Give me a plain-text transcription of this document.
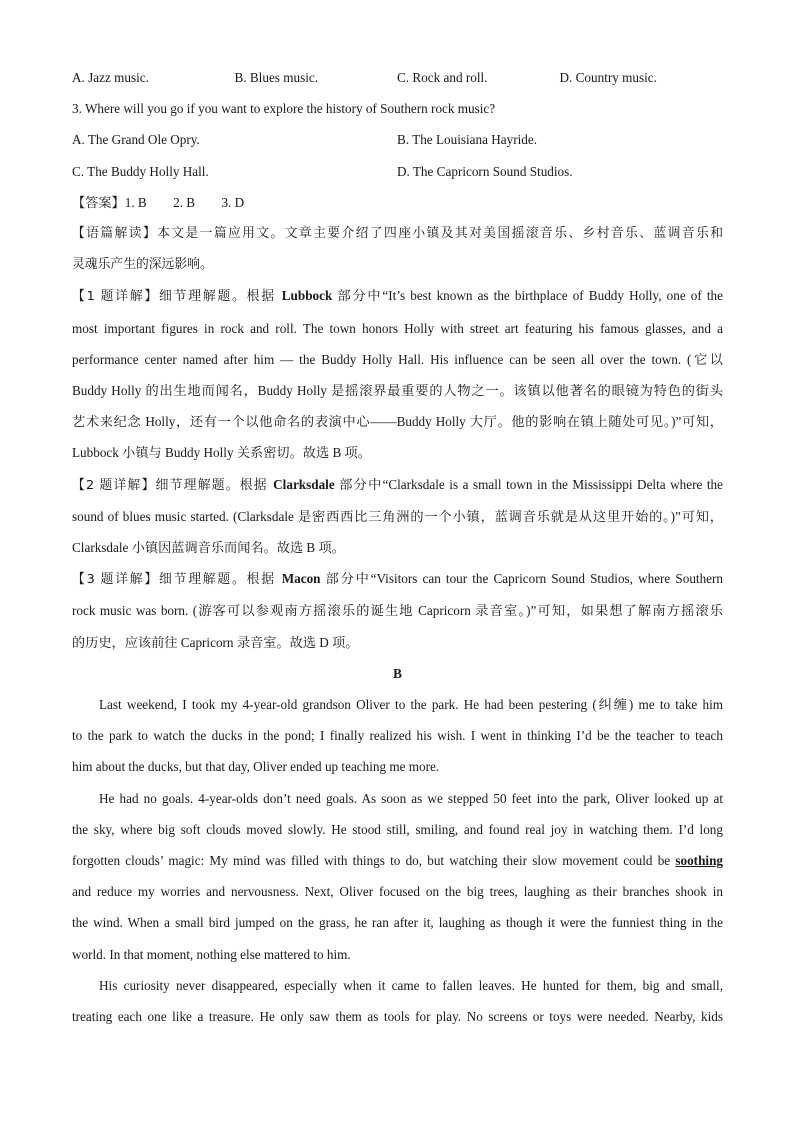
A. Jazz music.	B. Blues music.	C. Rock and roll.	D. Country music.
3. Where will you go if you want to explore the history of Southern rock music?
A. The Grand Ole Opry.	B. The Louisiana Hayride.
C. The Buddy Holly Hall.	D. The Capricorn Sound Studios.
【答案】1. B        2. B        3. D
【语篇解读】本文是一篇应用文。文章主要介绍了四座小镇及其对美国摇滚音乐、乡村音乐、蓝调音乐和
灵魂乐产生的深远影响。
【1 题详解】细节理解题。根据 Lubbock 部分中“It’s best known as the birthplace of Buddy Holly, one of the
most important figures in rock and roll. The town honors Holly with street art featuring his famous glasses, and a
performance center named after him — the Buddy Holly Hall. His influence can be seen all over the town. (它以
Buddy Holly 的出生地而闻名，Buddy Holly 是摇滚界最重要的人物之一。该镇以他著名的眼镜为特色的街头
艺术来纪念 Holly，还有一个以他命名的表演中心——Buddy Holly 大厅。他的影响在镇上随处可见。)”可知，
Lubbock 小镇与 Buddy Holly 关系密切。故选 B 项。
【2 题详解】细节理解题。根据 Clarksdale 部分中“Clarksdale is a small town in the Mississippi Delta where the
sound of blues music started. (Clarksdale 是密西西比三角洲的一个小镇，蓝调音乐就是从这里开始的。)”可知，
Clarksdale 小镇因蓝调音乐而闻名。故选 B 项。
【3 题详解】细节理解题。根据 Macon 部分中“Visitors can tour the Capricorn Sound Studios, where Southern
rock music was born. (游客可以参观南方摇滚乐的诞生地 Capricorn 录音室。)”可知，如果想了解南方摇滚乐
的历史，应该前往 Capricorn 录音室。故选 D 项。
B
Last weekend, I took my 4-year-old grandson Oliver to the park. He had been pestering (纠缠) me to take him
to the park to watch the ducks in the pond; I finally realized his wish. I went in thinking I’d be the teacher to teach
him about the ducks, but that day, Oliver ended up teaching me more.
He had no goals. 4-year-olds don’t need goals. As soon as we stepped 50 feet into the park, Oliver looked up at
the sky, where big soft clouds moved slowly. He stood still, smiling, and found real joy in watching them. I’d long
forgotten clouds’ magic: My mind was filled with things to do, but watching their slow movement could be soothing
and reduce my worries and nervousness. Next, Oliver focused on the big trees, laughing as their branches shook in
the wind. When a small bird jumped on the grass, he ran after it, laughing as though it were the funniest thing in the
world. In that moment, nothing else mattered to him.
His curiosity never disappeared, especially when it came to fallen leaves. He hunted for them, big and small,
treating each one like a treasure. He only saw them as tools for play. No screens or toys were needed. Nearby, kids
